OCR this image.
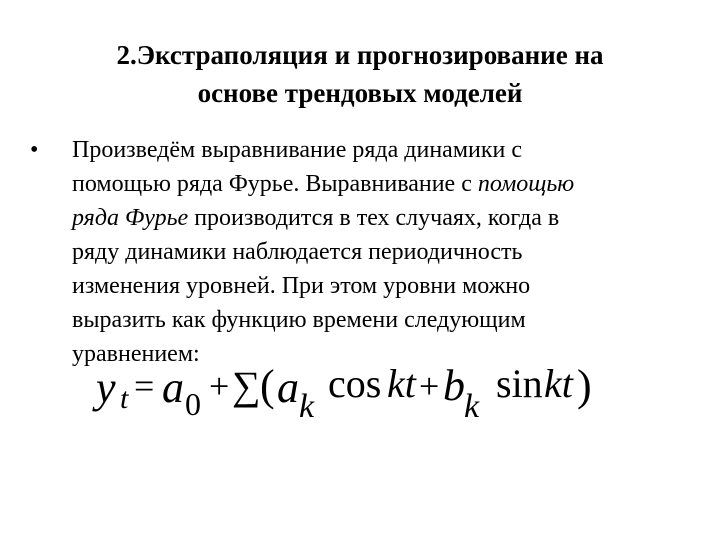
2.Экстраполяция и прогнозирование на
основе трендовых моделей
•	Произведём выравнивание ряда динамики с
помощью ряда Фурье. Выравнивание с помощью
ряда Фурье производится в тех случаях, когда в
ряду динамики наблюдается периодичность
изменения уровней. При этом уровни можно
выразить как функцию времени следующим
уравнением:
y t = a 0 + ∑ ( a k
cos kt + b k
sin kt )
